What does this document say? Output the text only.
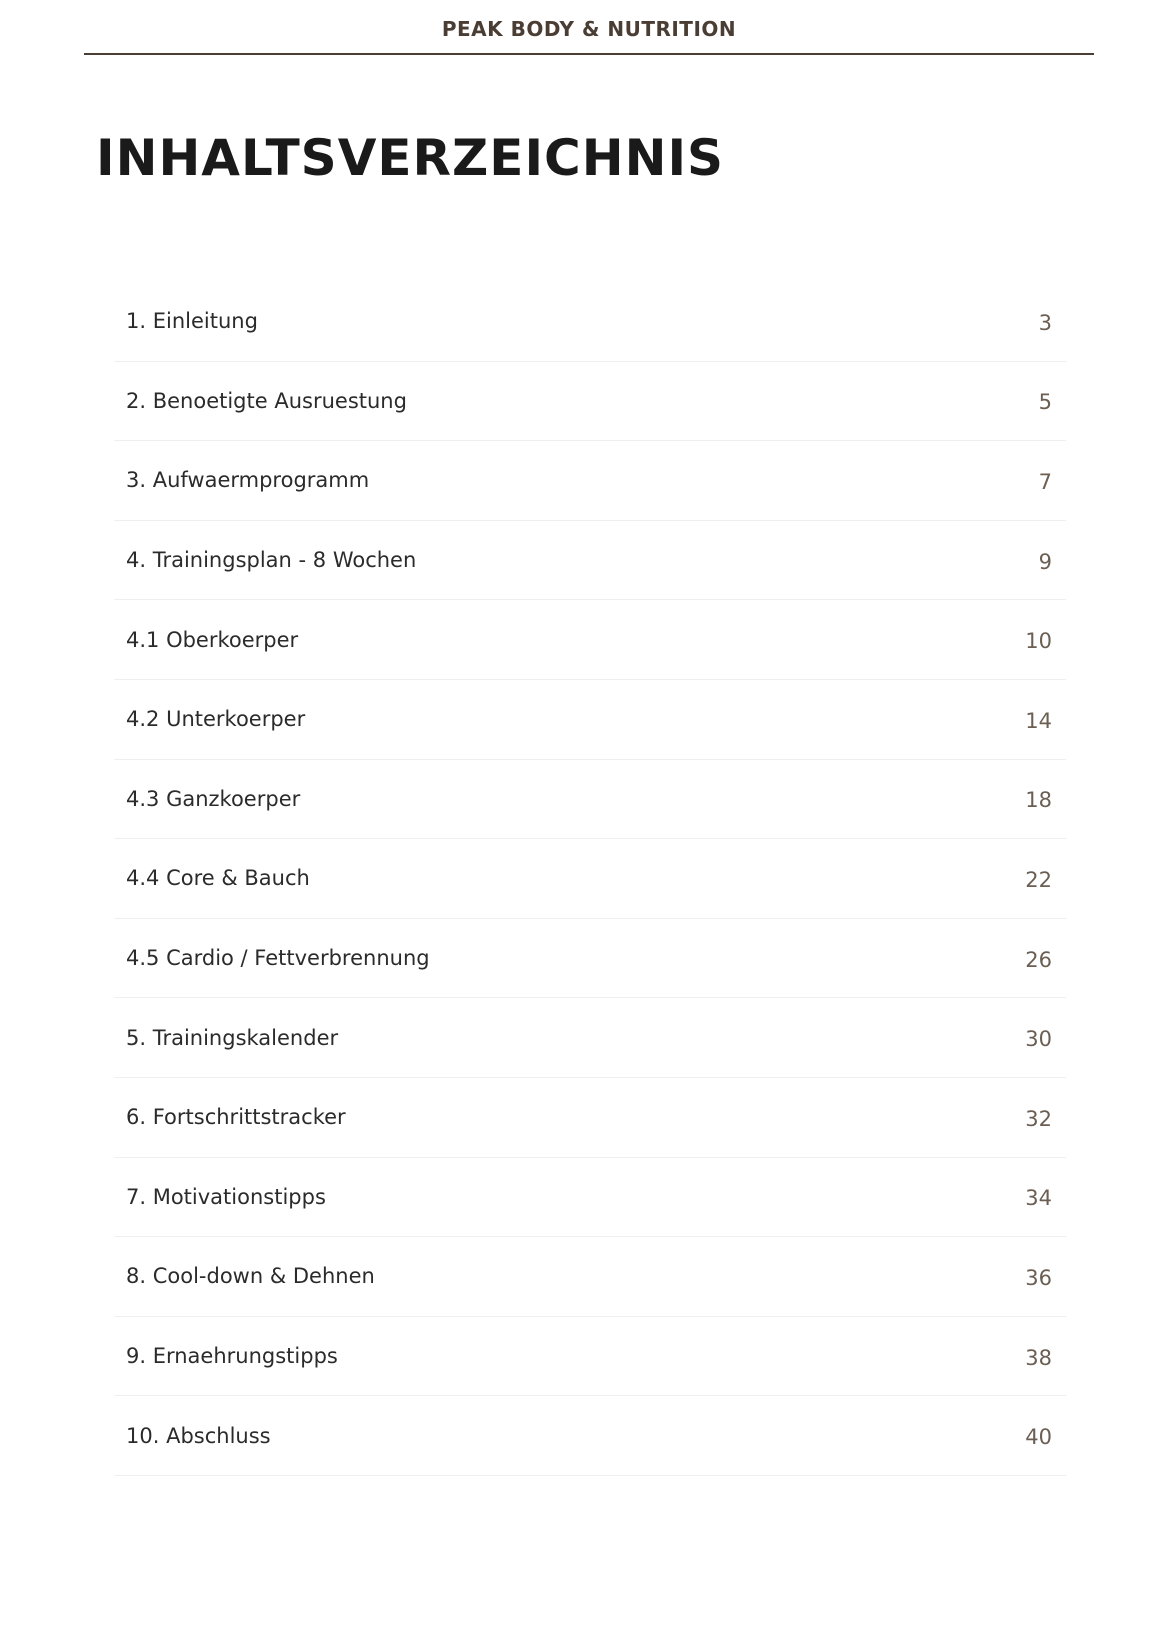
PEAK BODY & NUTRITION
INHALTSVERZEICHNIS
1. Einleitung	3
2. Benoetigte Ausruestung	5
3. Aufwaermprogramm	7
4. Trainingsplan - 8 Wochen	9
4.1 Oberkoerper	10
4.2 Unterkoerper	14
4.3 Ganzkoerper	18
4.4 Core & Bauch	22
4.5 Cardio / Fettverbrennung	26
5. Trainingskalender	30
6. Fortschrittstracker	32
7. Motivationstipps	34
8. Cool-down & Dehnen	36
9. Ernaehrungstipps	38
10. Abschluss	40
